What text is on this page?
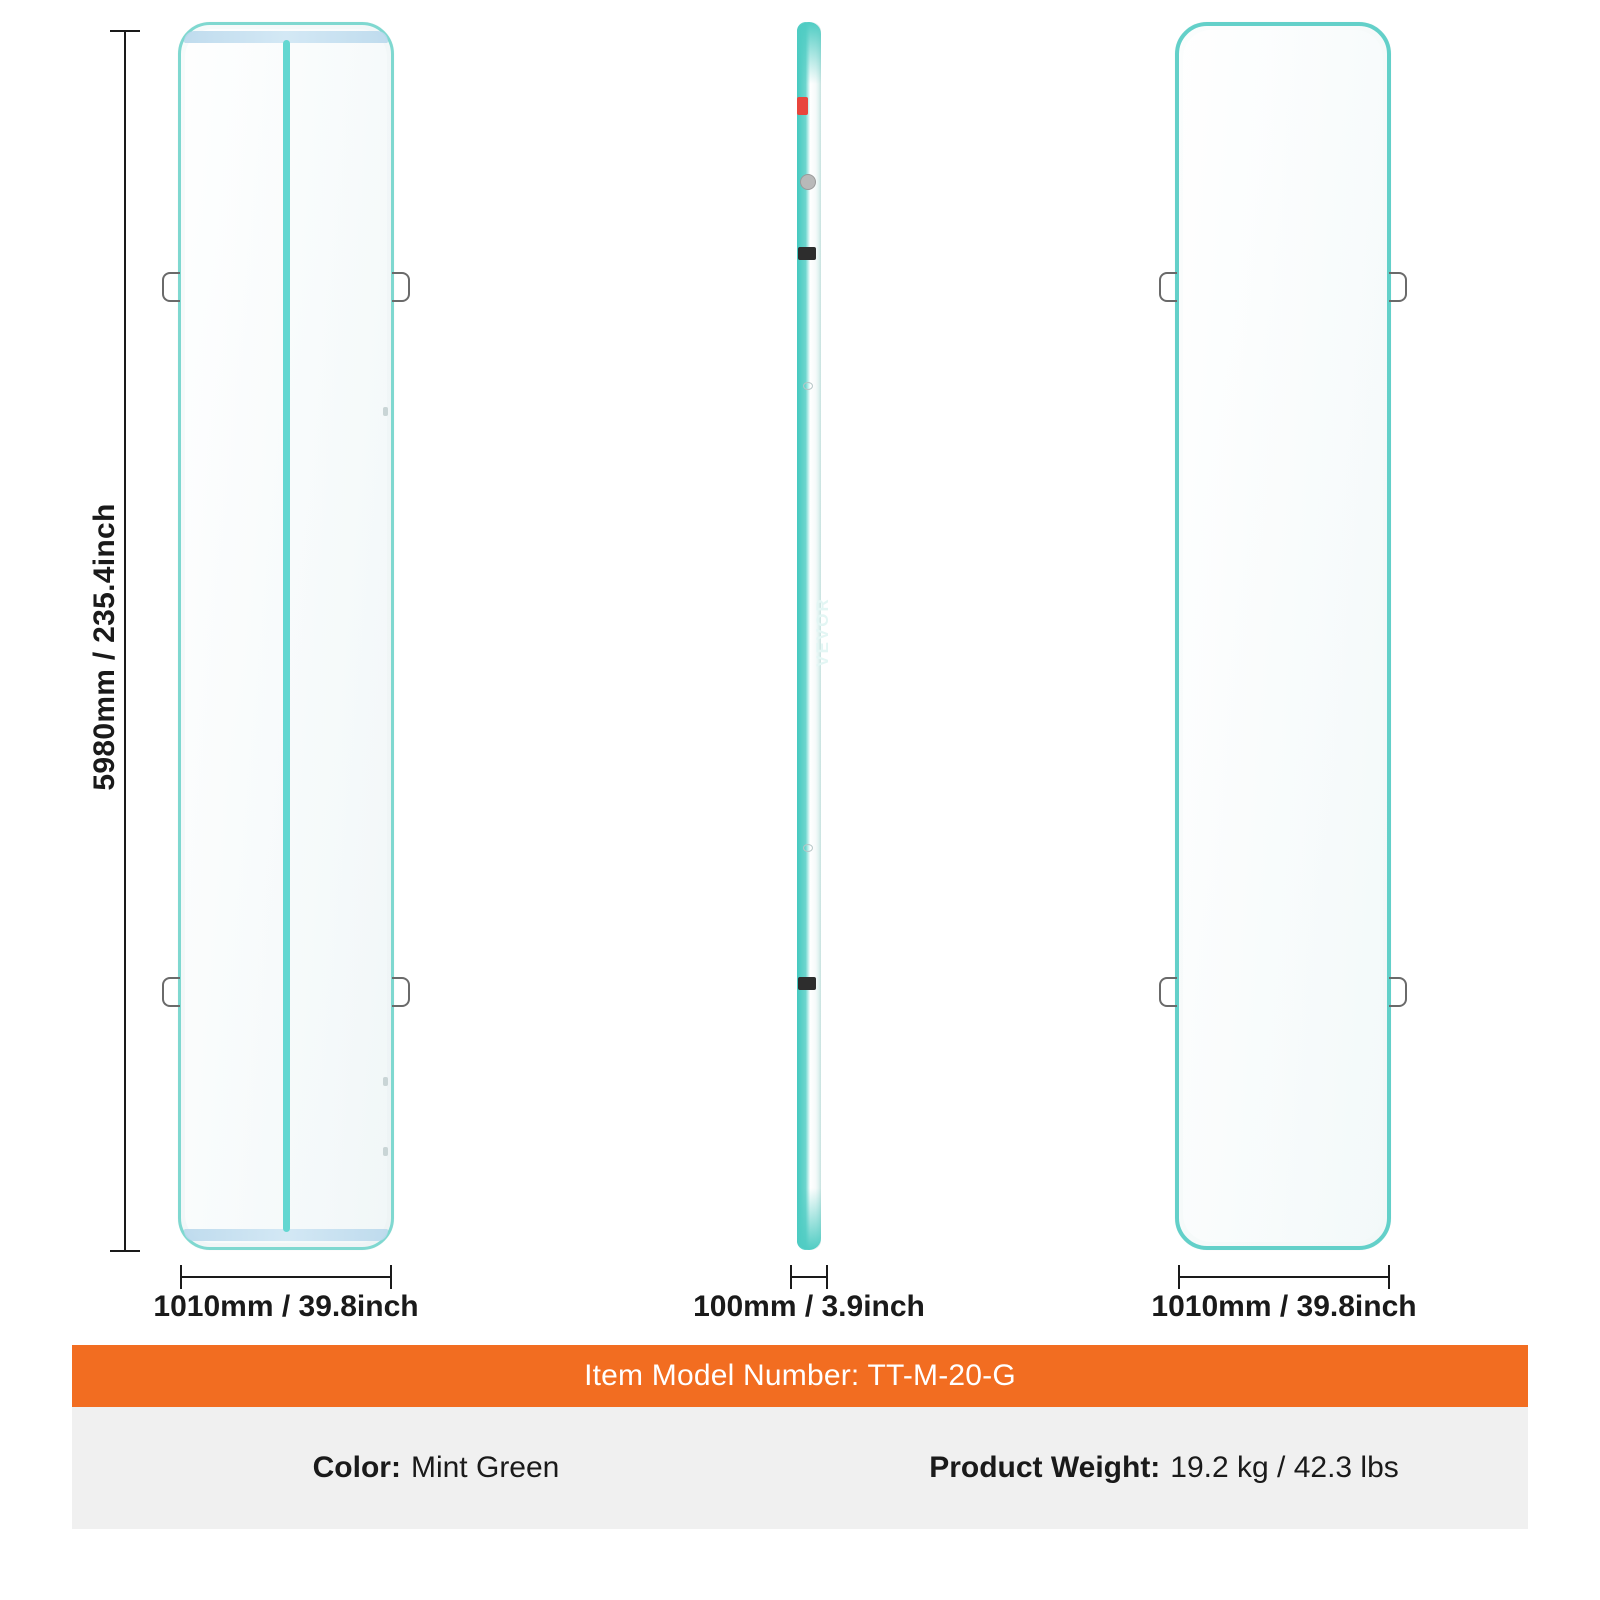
5980mm / 235.4inch	VEVOR
1010mm / 39.8inch	100mm / 3.9inch	1010mm / 39.8inch
Item Model Number: TT-M-20-G
Color: Mint Green	Product Weight: 19.2 kg / 42.3 lbs
